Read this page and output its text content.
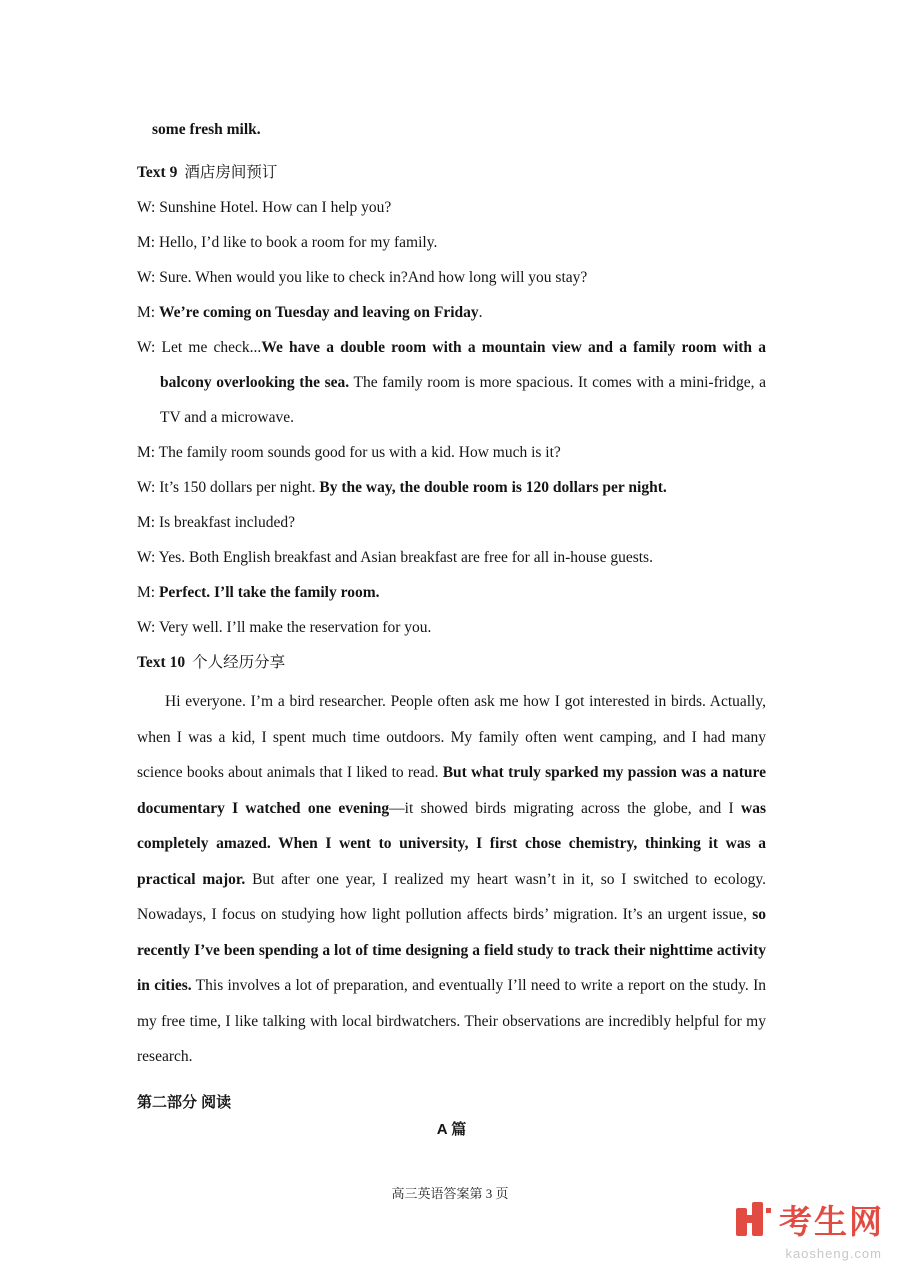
some fresh milk.

Text 9 酒店房间预订

W: Sunshine Hotel. How can I help you?

M: Hello, I’d like to book a room for my family.

W: Sure. When would you like to check in?And how long will you stay?

M: We’re coming on Tuesday and leaving on Friday.

W: Let me check...We have a double room with a mountain view and a family room with a balcony overlooking the sea. The family room is more spacious. It comes with a mini-fridge, a TV and a microwave.

M: The family room sounds good for us with a kid. How much is it?

W: It’s 150 dollars per night. By the way, the double room is 120 dollars per night.

M: Is breakfast included?

W: Yes. Both English breakfast and Asian breakfast are free for all in-house guests.

M: Perfect. I’ll take the family room.

W: Very well. I’ll make the reservation for you.

Text 10 个人经历分享

Hi everyone. I’m a bird researcher. People often ask me how I got interested in birds. Actually, when I was a kid, I spent much time outdoors. My family often went camping, and I had many science books about animals that I liked to read. But what truly sparked my passion was a nature documentary I watched one evening—it showed birds migrating across the globe, and I was completely amazed. When I went to university, I first chose chemistry, thinking it was a practical major. But after one year, I realized my heart wasn’t in it, so I switched to ecology. Nowadays, I focus on studying how light pollution affects birds’ migration. It’s an urgent issue, so recently I’ve been spending a lot of time designing a field study to track their nighttime activity in cities. This involves a lot of preparation, and eventually I’ll need to write a report on the study. In my free time, I like talking with local birdwatchers. Their observations are incredibly helpful for my research.

第二部分 阅读

A 篇

高三英语答案第 3 页
考生网
kaosheng.com
